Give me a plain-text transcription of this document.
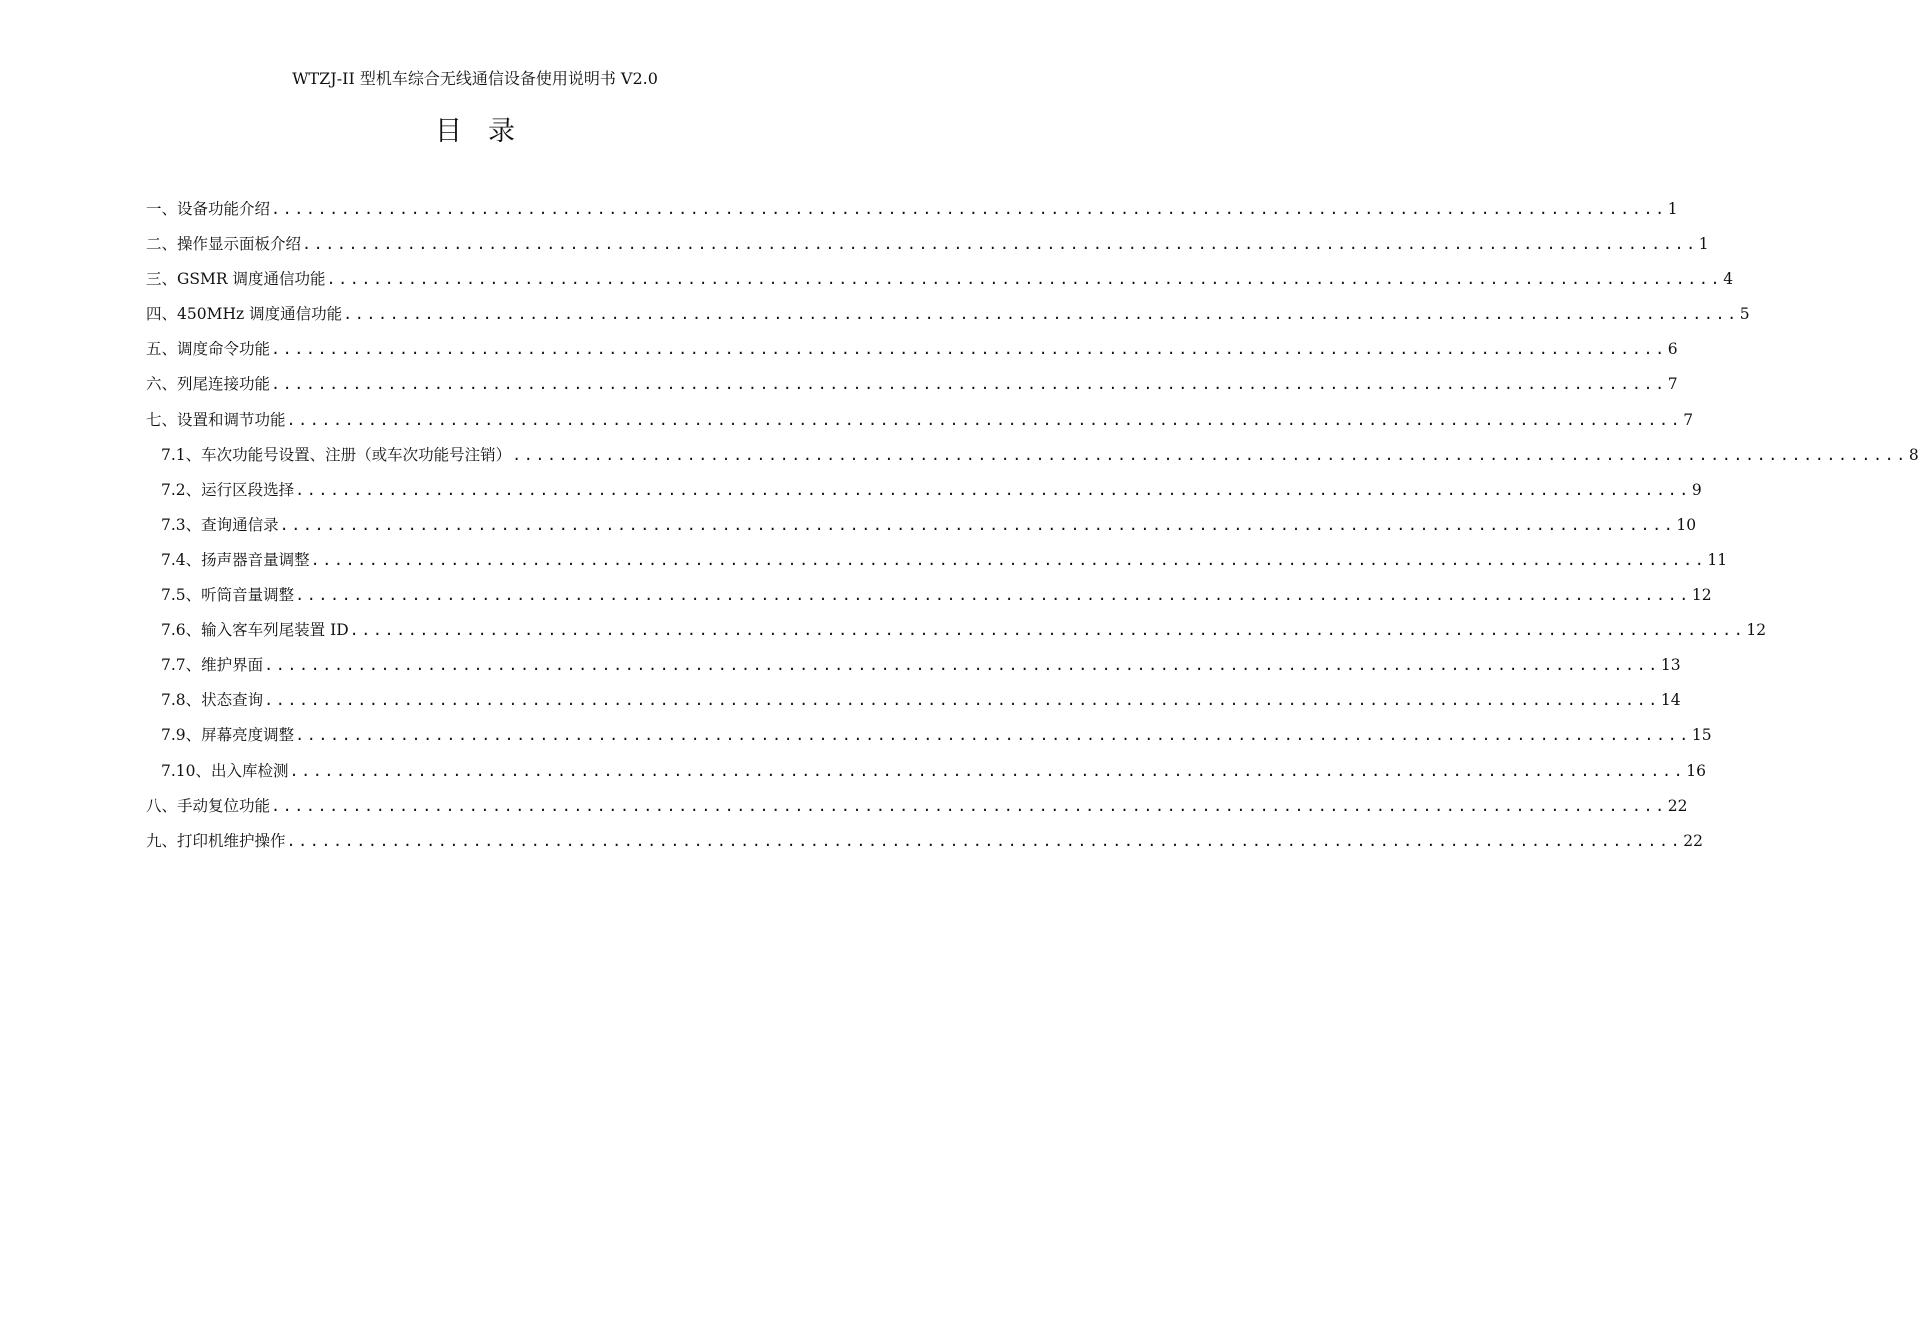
WTZJ-II 型机车综合无线通信设备使用说明书 V2.0
目录
一、设备功能介绍 ........................................................................................................................ 1
二、操作显示面板介绍 ........................................................................................................................ 1
三、GSMR 调度通信功能 ........................................................................................................................ 4
四、450MHz 调度通信功能 ........................................................................................................................ 5
五、调度命令功能 ........................................................................................................................ 6
六、列尾连接功能 ........................................................................................................................ 7
七、设置和调节功能 ........................................................................................................................ 7
7.1、车次功能号设置、注册（或车次功能号注销） ........................................................................................................................ 8
7.2、运行区段选择 ........................................................................................................................ 9
7.3、查询通信录 ........................................................................................................................ 10
7.4、扬声器音量调整 ........................................................................................................................ 11
7.5、听筒音量调整 ........................................................................................................................ 12
7.6、输入客车列尾装置 ID ........................................................................................................................ 12
7.7、维护界面 ........................................................................................................................ 13
7.8、状态查询 ........................................................................................................................ 14
7.9、屏幕亮度调整 ........................................................................................................................ 15
7.10、出入库检测 ........................................................................................................................ 16
八、手动复位功能 ........................................................................................................................ 22
九、打印机维护操作 ........................................................................................................................ 22
